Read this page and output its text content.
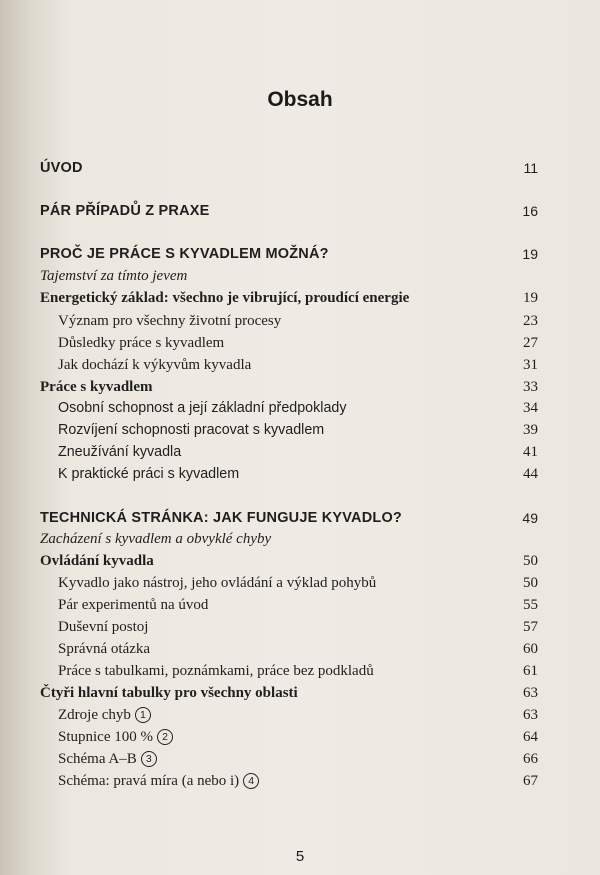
Obsah
ÚVOD	11
PÁR PŘÍPADŮ Z PRAXE	16
PROČ JE PRÁCE S KYVADLEM MOŽNÁ?	19
Tajemství za tímto jevem
Energetický základ: všechno je vibrující, proudící energie	19
Význam pro všechny životní procesy	23
Důsledky práce s kyvadlem	27
Jak dochází k výkyvům kyvadla	31
Práce s kyvadlem	33
Osobní schopnost a její základní předpoklady	34
Rozvíjení schopnosti pracovat s kyvadlem	39
Zneužívání kyvadla	41
K praktické práci s kyvadlem	44
TECHNICKÁ STRÁNKA: JAK FUNGUJE KYVADLO?	49
Zacházení s kyvadlem a obvyklé chyby
Ovládání kyvadla	50
Kyvadlo jako nástroj, jeho ovládání a výklad pohybů	50
Pár experimentů na úvod	55
Duševní postoj	57
Správná otázka	60
Práce s tabulkami, poznámkami, práce bez podkladů	61
Čtyři hlavní tabulky pro všechny oblasti	63
Zdroje chyb 1	63
Stupnice 100 % 2	64
Schéma A–B 3	66
Schéma: pravá míra (a nebo i) 4	67
5
